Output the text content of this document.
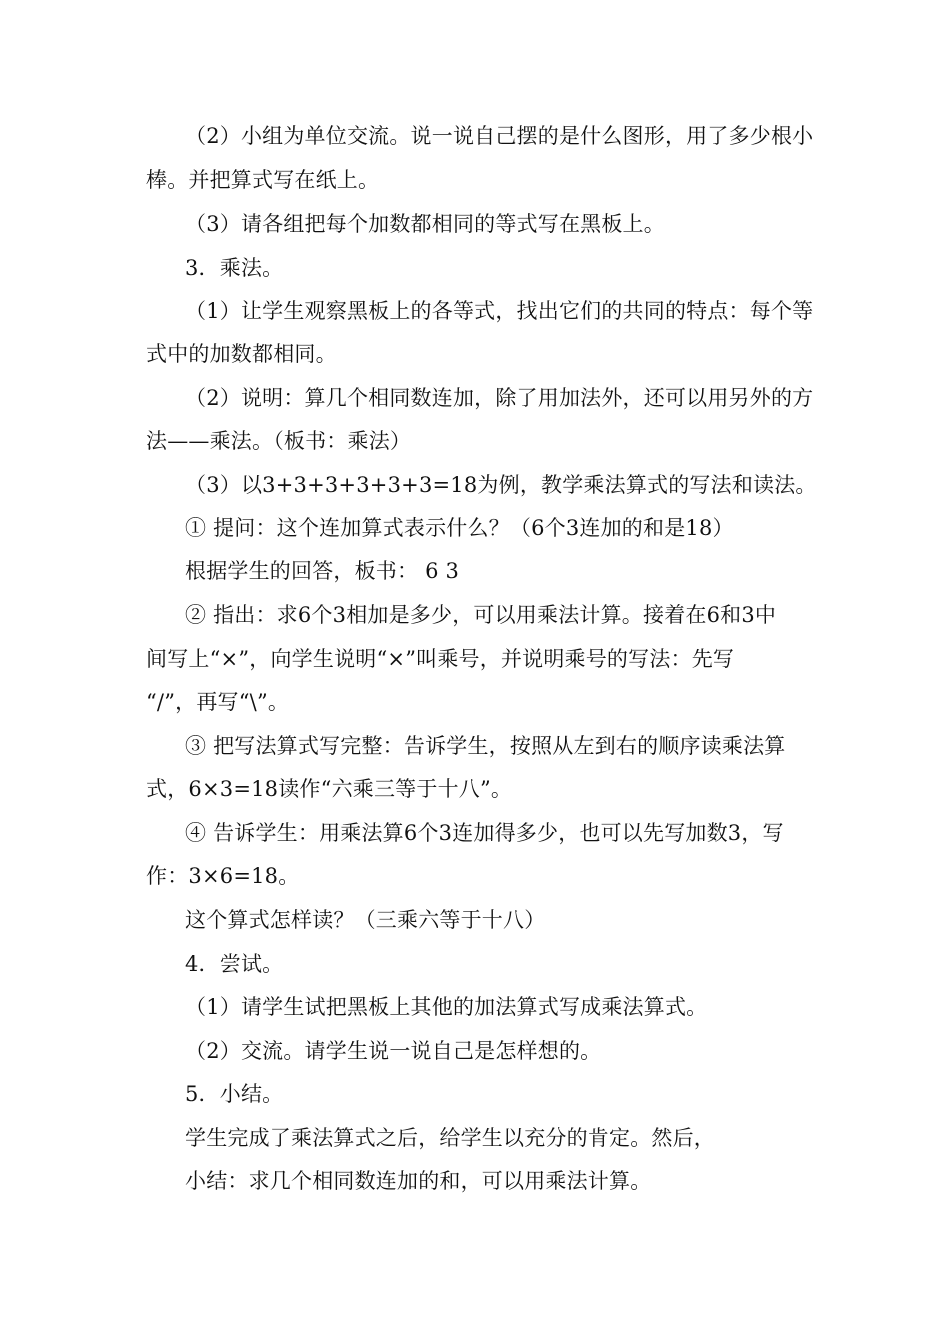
（2）小组为单位交流。说一说自己摆的是什么图形，用了多少根小
棒。并把算式写在纸上。
（3）请各组把每个加数都相同的等式写在黑板上。
3．乘法。
（1）让学生观察黑板上的各等式，找出它们的共同的特点：每个等
式中的加数都相同。
（2）说明：算几个相同数连加，除了用加法外，还可以用另外的方
法——乘法。（板书：乘法）
（3）以3+3+3+3+3+3=18为例，教学乘法算式的写法和读法。
① 提问：这个连加算式表示什么？（6个3连加的和是18）
根据学生的回答，板书： 6 3
② 指出：求6个3相加是多少，可以用乘法计算。接着在6和3中
间写上“×”，向学生说明“×”叫乘号，并说明乘号的写法：先写
“/”，再写“\”。
③ 把写法算式写完整：告诉学生，按照从左到右的顺序读乘法算
式，6×3=18读作“六乘三等于十八”。
④ 告诉学生：用乘法算6个3连加得多少，也可以先写加数3，写
作：3×6=18。
这个算式怎样读？（三乘六等于十八）
4．尝试。
（1）请学生试把黑板上其他的加法算式写成乘法算式。
（2）交流。请学生说一说自己是怎样想的。
5．小结。
学生完成了乘法算式之后，给学生以充分的肯定。然后，
小结：求几个相同数连加的和，可以用乘法计算。
